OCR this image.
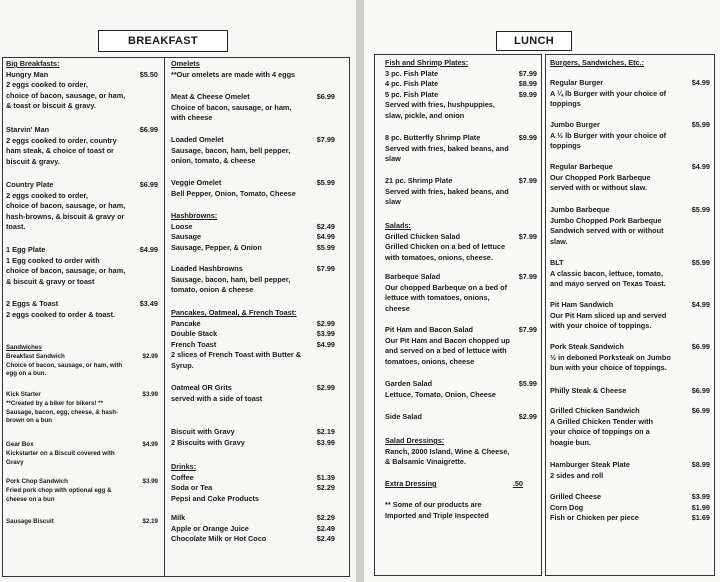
BREAKFAST
Big Breakfasts:
Hungry Man	$5.50
2 eggs cooked to order,
choice of bacon, sausage, or ham,
& toast or biscuit & gravy.
Starvin' Man	$6.99
2 eggs cooked to order, country
ham steak, & choice of toast or
biscuit & gravy.
Country Plate	$6.99
2 eggs cooked to order,
choice of bacon, sausage, or ham,
hash-browns, & biscuit & gravy or
toast.
1 Egg Plate	$4.99
1 Egg cooked to order with
choice of bacon, sausage, or ham,
& biscuit & gravy or toast
2 Eggs & Toast	$3.49
2 eggs cooked to order & toast.
Sandwiches
Breakfast Sandwich	$2.99
Choice of bacon, sausage, or ham, with
egg on a bun.
Kick Starter	$3.99
**Created by a biker for bikers! **
Sausage, bacon, egg, cheese, & hash-
brown on a bun
Gear Box	$4.99
Kickstarter on a Biscuit covered with
Gravy
Pork Chop Sandwich	$3.99
Fried pork chop with optional egg &
cheese on a bun
Sausage Biscuit	$2.19
Omelets
**Our omelets are made with 4 eggs
Meat & Cheese Omelet	$6.99
Choice of bacon, sausage, or ham,
with cheese
Loaded Omelet	$7.99
Sausage, bacon, ham, bell pepper,
onion, tomato, & cheese
Veggie Omelet	$5.99
Bell Pepper, Onion, Tomato, Cheese
Hashbrowns:
Loose	$2.49
Sausage	$4.99
Sausage, Pepper, & Onion	$5.99
Loaded Hashbrowns	$7.99
Sausage, bacon, ham, bell pepper,
tomato, onion & cheese
Pancakes, Oatmeal, & French Toast:
Pancake	$2.99
Double Stack	$3.99
French Toast	$4.99
2 slices of French Toast with Butter &
Syrup.
Oatmeal OR Grits	$2.99
served with a side of toast
Biscuit with Gravy	$2.19
2 Biscuits with Gravy	$3.99
Drinks:
Coffee	$1.39
Soda or Tea	$2.29
Pepsi and Coke Products
Milk	$2.29
Apple or Orange Juice	$2.49
Chocolate Milk or Hot Coco	$2.49
LUNCH
Fish and Shrimp Plates:
3 pc. Fish Plate	$7.99
4 pc. Fish Plate	$8.99
5 pc. Fish Plate	$9.99
Served with fries, hushpuppies,
slaw, pickle, and onion
8 pc. Butterfly Shrimp Plate	$9.99
Served with fries, baked beans, and
slaw
21 pc. Shrimp Plate	$7.99
Served with fries, baked beans, and
slaw
Salads:
Grilled Chicken Salad	$7.99
Grilled Chicken on a bed of lettuce
with tomatoes, onions, cheese.
Barbeque Salad	$7.99
Our chopped Barbeque on a bed of
lettuce with tomatoes, onions,
cheese
Pit Ham and Bacon Salad	$7.99
Our Pit Ham and Bacon chopped up
and served on a bed of lettuce with
tomatoes, onions, cheese
Garden Salad	$5.99
Lettuce, Tomato, Onion, Cheese
Side Salad	$2.99
Salad Dressings:
Ranch, 2000 Island, Wine & Cheese,
& Balsamic Vinaigrette.
Extra Dressing	.50
** Some of our products are
Imported and Triple Inspected
Burgers, Sandwiches, Etc.:
Regular Burger	$4.99
A ¼ lb Burger with your choice of
toppings
Jumbo Burger	$5.99
A ½ lb Burger with your choice of
toppings
Regular Barbeque	$4.99
Our Chopped Pork Barbeque
served with or without slaw.
Jumbo Barbeque	$5.99
Jumbo Chopped Pork Barbeque
Sandwich served with or without
slaw.
BLT	$5.99
A classic bacon, lettuce, tomato,
and mayo served on Texas Toast.
Pit Ham Sandwich	$4.99
Our Pit Ham sliced up and served
with your choice of toppings.
Pork Steak Sandwich	$6.99
½ in deboned Porksteak on Jumbo
bun with your choice of toppings.
Philly Steak & Cheese	$6.99
Grilled Chicken Sandwich	$6.99
A Grilled Chicken Tender with
your choice of toppings on a
hoagie bun.
Hamburger Steak Plate	$8.99
2 sides and roll
Grilled Cheese	$3.99
Corn Dog	$1.99
Fish or Chicken per piece	$1.69
